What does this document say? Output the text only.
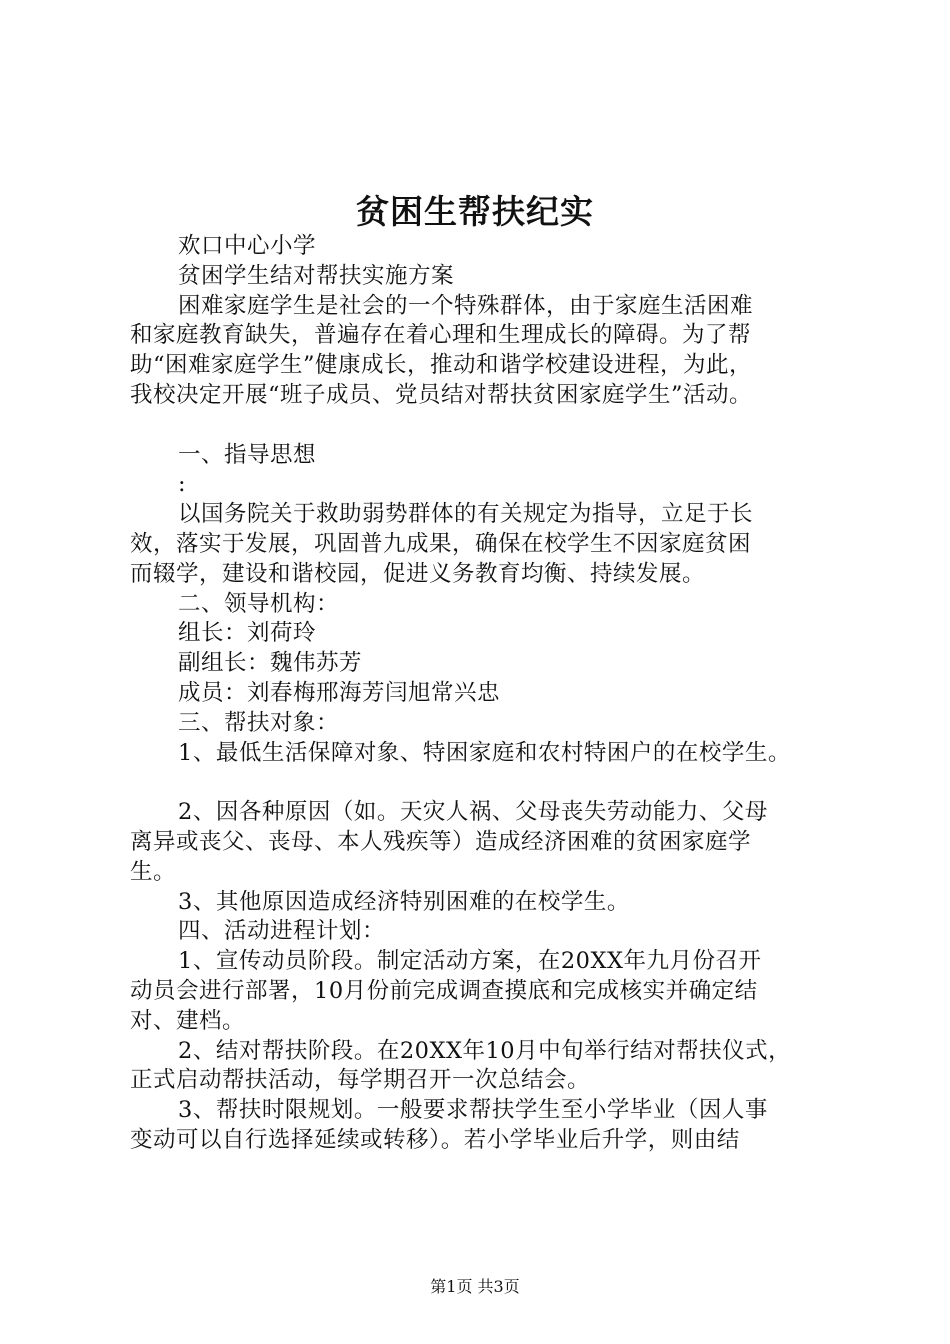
贫困生帮扶纪实
欢口中心小学
贫困学生结对帮扶实施方案
困难家庭学生是社会的一个特殊群体，由于家庭生活困难
和家庭教育缺失，普遍存在着心理和生理成长的障碍。为了帮
助“困难家庭学生”健康成长，推动和谐学校建设进程，为此，
我校决定开展“班子成员、党员结对帮扶贫困家庭学生”活动。
一、指导思想
:
以国务院关于救助弱势群体的有关规定为指导，立足于长
效，落实于发展，巩固普九成果，确保在校学生不因家庭贫困
而辍学，建设和谐校园，促进义务教育均衡、持续发展。
二、领导机构：
组长：刘荷玲
副组长：魏伟苏芳
成员：刘春梅邢海芳闫旭常兴忠
三、帮扶对象：
1、最低生活保障对象、特困家庭和农村特困户的在校学生。
2、因各种原因（如。天灾人祸、父母丧失劳动能力、父母
离异或丧父、丧母、本人残疾等）造成经济困难的贫困家庭学
生。
3、其他原因造成经济特别困难的在校学生。
四、活动进程计划：
1、宣传动员阶段。制定活动方案，在20XX年九月份召开
动员会进行部署，10月份前完成调查摸底和完成核实并确定结
对、建档。
2、结对帮扶阶段。在20XX年10月中旬举行结对帮扶仪式，
正式启动帮扶活动，每学期召开一次总结会。
3、帮扶时限规划。一般要求帮扶学生至小学毕业（因人事
变动可以自行选择延续或转移）。若小学毕业后升学，则由结
第1页 共3页
